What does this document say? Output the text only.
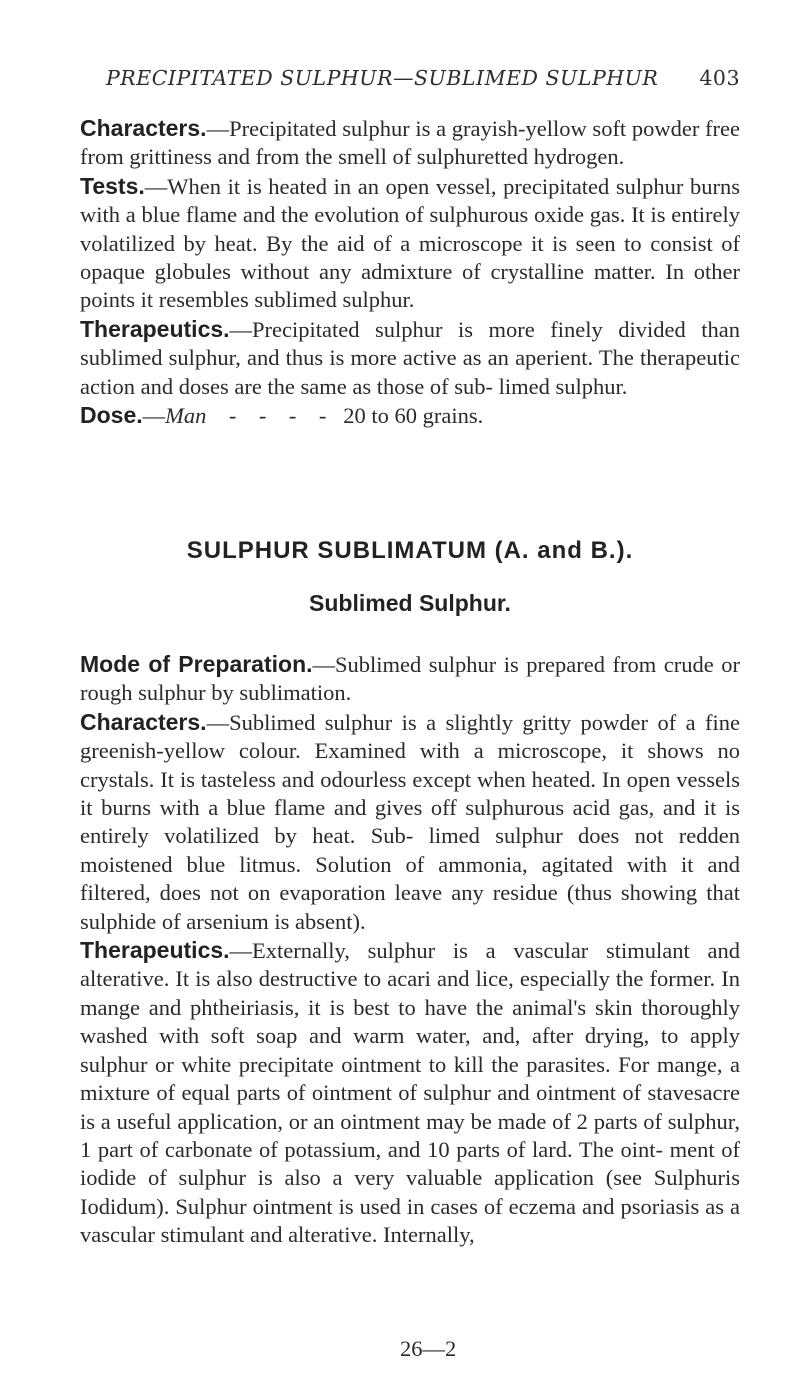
PRECIPITATED SULPHUR—SUBLIMED SULPHUR 403

Characters.—Precipitated sulphur is a grayish-yellow soft powder free from grittiness and from the smell of sulphuretted hydrogen.

Tests.—When it is heated in an open vessel, precipitated sulphur burns with a blue flame and the evolution of sulphurous oxide gas. It is entirely volatilized by heat. By the aid of a microscope it is seen to consist of opaque globules without any admixture of crystalline matter. In other points it resembles sublimed sulphur.

Therapeutics.—Precipitated sulphur is more finely divided than sublimed sulphur, and thus is more active as an aperient. The therapeutic action and doses are the same as those of sub- limed sulphur.

Dose.—Man    -    -    -    -   20 to 60 grains.

SULPHUR SUBLIMATUM (A. and B.).
Sublimed Sulphur.

Mode of Preparation.—Sublimed sulphur is prepared from crude or rough sulphur by sublimation.

Characters.—Sublimed sulphur is a slightly gritty powder of a fine greenish-yellow colour. Examined with a microscope, it shows no crystals. It is tasteless and odourless except when heated. In open vessels it burns with a blue flame and gives off sulphurous acid gas, and it is entirely volatilized by heat. Sub- limed sulphur does not redden moistened blue litmus. Solution of ammonia, agitated with it and filtered, does not on evaporation leave any residue (thus showing that sulphide of arsenium is absent).

Therapeutics.—Externally, sulphur is a vascular stimulant and alterative. It is also destructive to acari and lice, especially the former. In mange and phtheiriasis, it is best to have the animal's skin thoroughly washed with soft soap and warm water, and, after drying, to apply sulphur or white precipitate ointment to kill the parasites. For mange, a mixture of equal parts of ointment of sulphur and ointment of stavesacre is a useful application, or an ointment may be made of 2 parts of sulphur, 1 part of carbonate of potassium, and 10 parts of lard. The oint- ment of iodide of sulphur is also a very valuable application (see Sulphuris Iodidum). Sulphur ointment is used in cases of eczema and psoriasis as a vascular stimulant and alterative. Internally,

26—2
